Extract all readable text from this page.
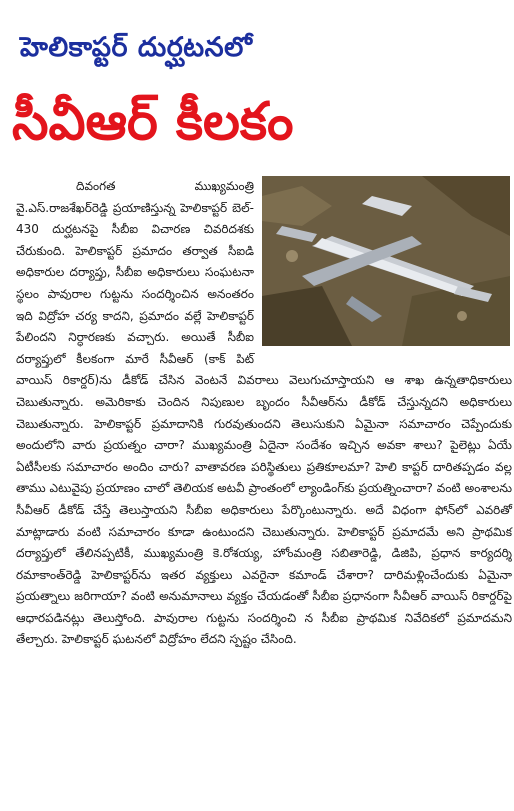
హెలికాప్టర్ దుర్ఘటనలో
సీవీఆర్ కీలకం

దివంగత ముఖ్యమంత్రి వై.ఎస్.రాజశేఖర్‌రెడ్డి ప్రయాణిస్తున్న హెలికాప్టర్ బెల్- 430 దుర్ఘటనపై సీబీఐ విచారణ చివరిదశకు చేరుకుంది. హెలికాప్టర్ ప్రమాదం తర్వాత సీఐడి అధికారుల దర్యాప్తు, సీబీఐ అధికారులు సంఘటనా స్థలం పావురాల గుట్టను సందర్శించిన అనంతరం ఇది విద్రోహ చర్య కాదని, ప్రమాదం వల్లే హెలికాప్టర్ పేలిందని నిర్ధారణకు వచ్చారు. అయితే సీబీఐ దర్యాప్తులో కీలకంగా మారే సీవీఆర్ (కాక్ పిట్ వాయిస్ రికార్డర్)ను డీకోడ్ చేసిన వెంటనే వివరాలు వెలుగుచూస్తాయని ఆ శాఖ ఉన్నతాధికారులు చెబుతున్నారు. అమెరికాకు చెందిన నిపుణుల బృందం సీవీఆర్‌ను డీకోడ్ చేస్తున్నదని అధికారులు చెబుతున్నారు. హెలికాప్టర్ ప్రమాదానికి గురవుతుందని తెలుసుకుని ఏమైనా సమాచారం చెప్పేందుకు అందులోని వారు ప్రయత్నం చారా? ముఖ్యమంత్రి ఏదైనా సందేశం ఇచ్చిన అవకా శాలు? పైలెట్లు ఏయే ఏటీసీలకు సమాచారం అందిం చారు? వాతావరణ పరిస్థితులు ప్రతికూలమా? హెలి కాప్టర్ దారితప్పడం వల్ల తాము ఎటువైపు ప్రయాణం చాలో తెలియక అటవీ ప్రాంతంలో ల్యాండింగ్‌కు ప్రయత్నించారా? వంటి అంశాలను సీవీఆర్ డీకోడ్ చేస్తే తెలుస్తాయని సీబీఐ అధికారులు పేర్కొంటున్నారు. అదే విధంగా ఫోన్‌లో ఎవరితో మాట్లాడారు వంటి సమాచారం కూడా ఉంటుందని చెబుతున్నారు. హెలికాప్టర్ ప్రమాదమే అని ప్రాథమిక దర్యాప్తులో తేలినప్పటికీ, ముఖ్యమంత్రి కె.రోశయ్య, హోంమంత్రి సబితారెడ్డి, డిజిపి, ప్రధాన కార్యదర్శి రమాకాంత్‌రెడ్డి హెలికాప్టర్‌ను ఇతర వ్యక్తులు ఎవరైనా కమాండ్ చేశారా? దారిమళ్లించేందుకు ఏమైనా ప్రయత్నాలు జరిగాయా? వంటి అనుమానాలు వ్యక్తం చేయడంతో సీబీఐ ప్రధానంగా సీవీఆర్ వాయిస్ రికార్డర్‌పై ఆధారపడినట్లు తెలుస్తోంది. పావురాల గుట్టను సందర్శించి న సీబీఐ ప్రాథమిక నివేదికలో ప్రమాదమని తేల్చారు. హెలికాప్టర్ ఘటనలో విద్రోహం లేదని స్పష్టం చేసింది.
